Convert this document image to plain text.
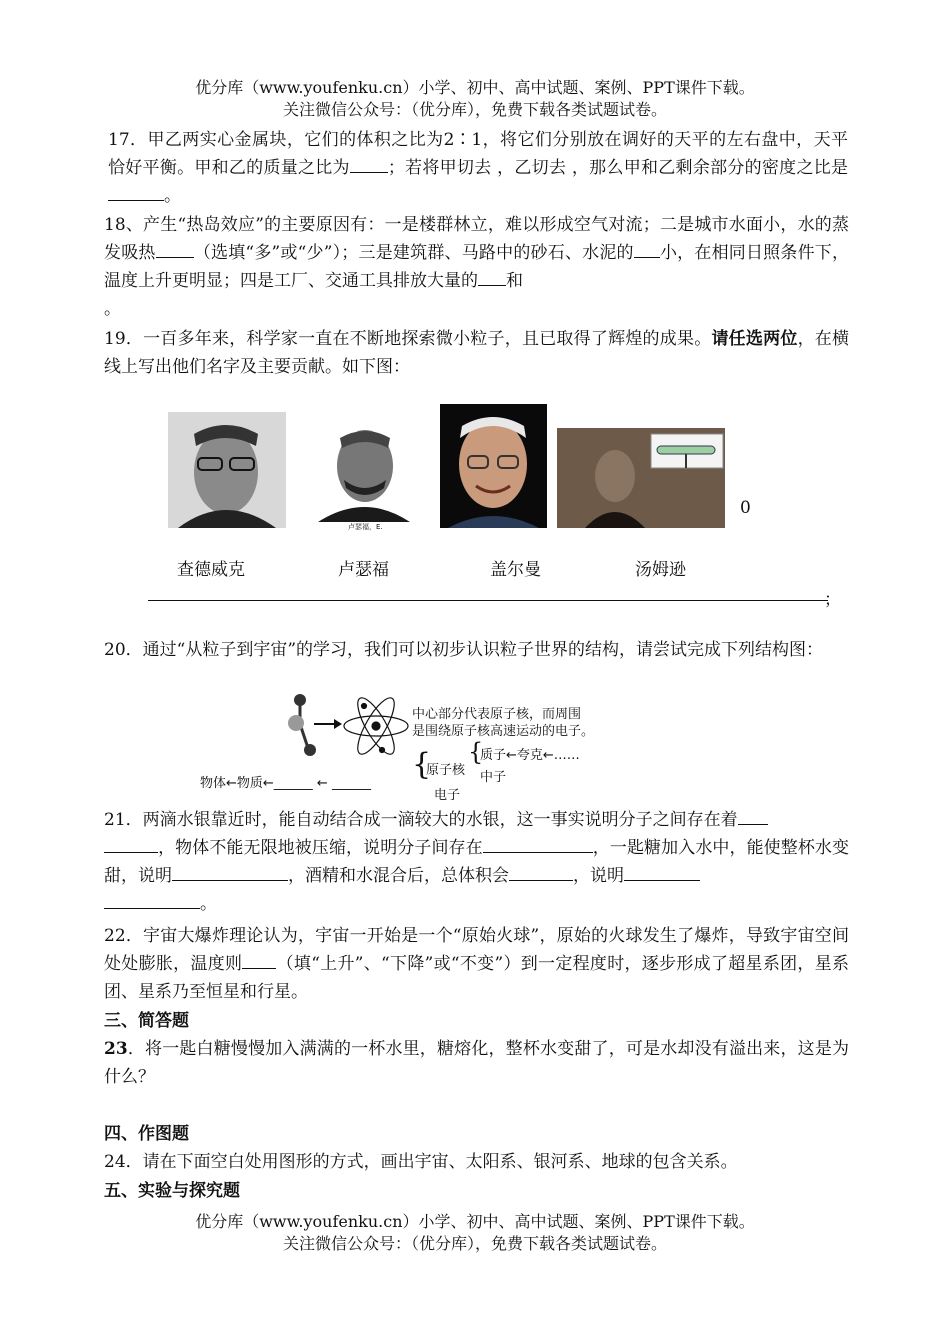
优分库（www.youfenku.cn）小学、初中、高中试题、案例、PPT课件下载。
关注微信公众号：（优分库），免费下载各类试题试卷。
17．甲乙两实心金属块，它们的体积之比为2∶1，将它们分别放在调好的天平的左右盘中，天平恰好平衡。甲和乙的质量之比为 ；若将甲切去 ，乙切去 ，那么甲和乙剩余部分的密度之比是。
18、产生“热岛效应”的主要原因有：一是楼群林立，难以形成空气对流；二是城市水面小，水的蒸发吸热 （选填“多”或“少”）；三是建筑群、马路中的砂石、水泥的 小，在相同日照条件下，温度上升更明显；四是工厂、交通工具排放大量的 和
。
19．一百多年来，科学家一直在不断地探索微小粒子，且已取得了辉煌的成果。请任选两位，在横线上写出他们名字及主要贡献。如下图：
卢瑟福，E.
0
查德威克	卢瑟福	盖尔曼	汤姆逊
；
20．通过“从粒子到宇宙”的学习，我们可以初步认识粒子世界的结构，请尝试完成下列结构图：
中心部分代表原子核，而周围
是围绕原子核高速运动的电子。
物体←物质←______ ← ______
{
原子核
{
质子←夸克←……
中子
电子
21．两滴水银靠近时，能自动结合成一滴较大的水银，这一事实说明分子之间存在着
，物体不能无限地被压缩，说明分子间存在	，一匙糖加入水中，能使整杯水变甜，说明	，酒精和水混合后，总体积会	，说明
。
22．宇宙大爆炸理论认为，宇宙一开始是一个“原始火球”，原始的火球发生了爆炸，导致宇宙空间处处膨胀，温度则 （填“上升”、“下降”或“不变”）到一定程度时，逐步形成了超星系团，星系团、星系乃至恒星和行星。
三、简答题
23．将一匙白糖慢慢加入满满的一杯水里，糖熔化，整杯水变甜了，可是水却没有溢出来，这是为什么？
四、作图题
24．请在下面空白处用图形的方式，画出宇宙、太阳系、银河系、地球的包含关系。
五、实验与探究题
优分库（www.youfenku.cn）小学、初中、高中试题、案例、PPT课件下载。
关注微信公众号：（优分库），免费下载各类试题试卷。
